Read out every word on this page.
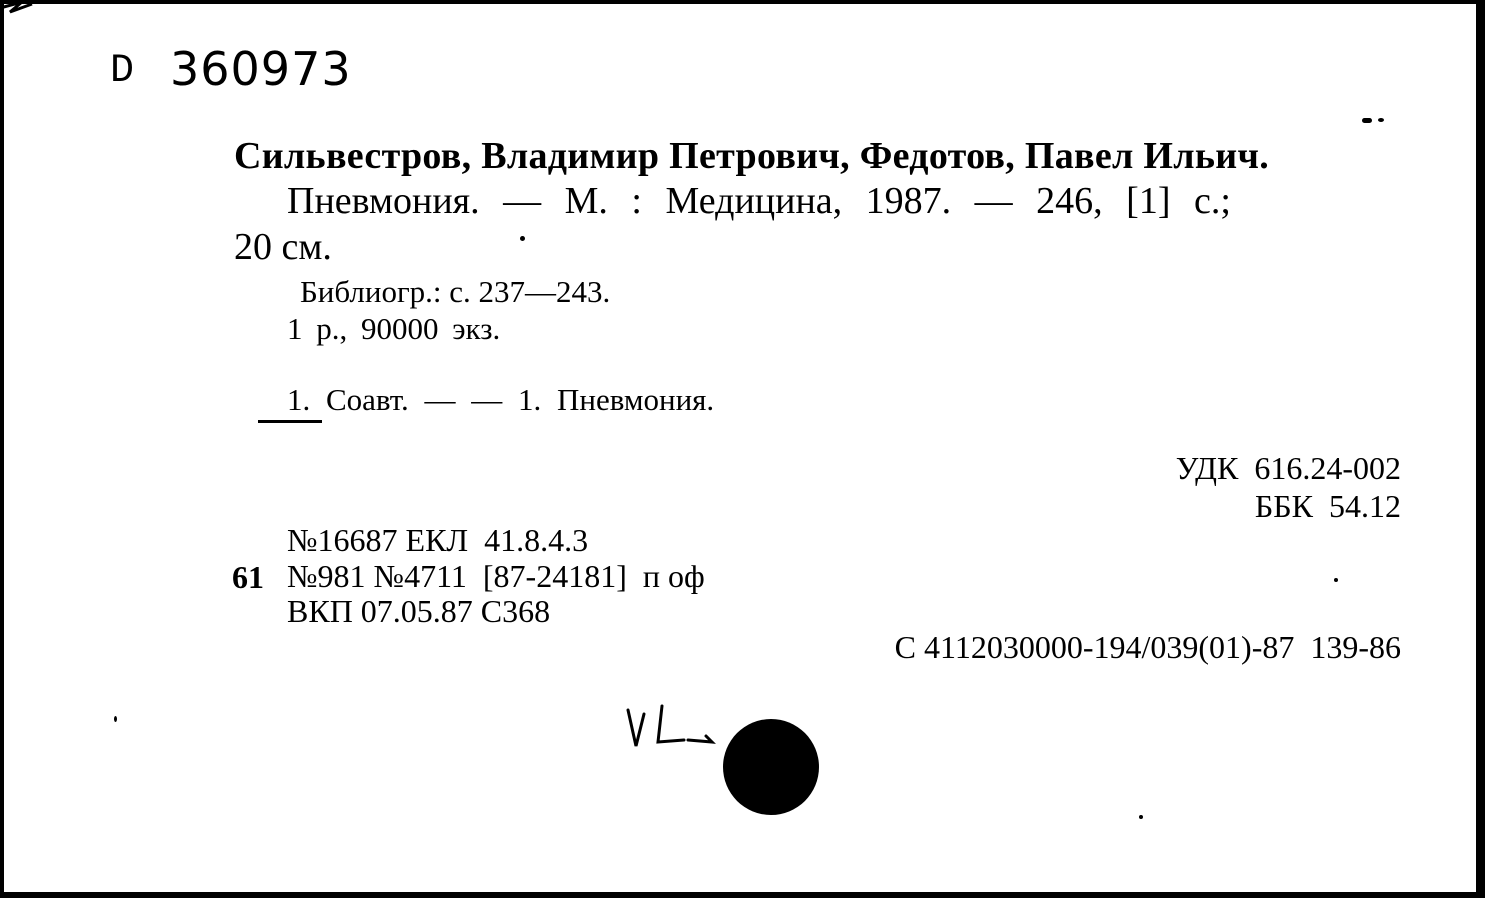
D 360973
Сильвестров, Владимир Петрович, Федотов, Павел Ильич.
Пневмония. — М. : Медицина, 1987. — 246, [1] с.;
20 см.
Библиогр.: с. 237—243.
1 р., 90000 экз.
1. Соавт. — — 1. Пневмония.
УДК  616.24-002
ББК  54.12
№16687 ЕКЛ  41.8.4.3
61 №981 №4711  [87-24181]  п оф
ВКП 07.05.87 С368
С 4112030000-194/039(01)-87  139-86
